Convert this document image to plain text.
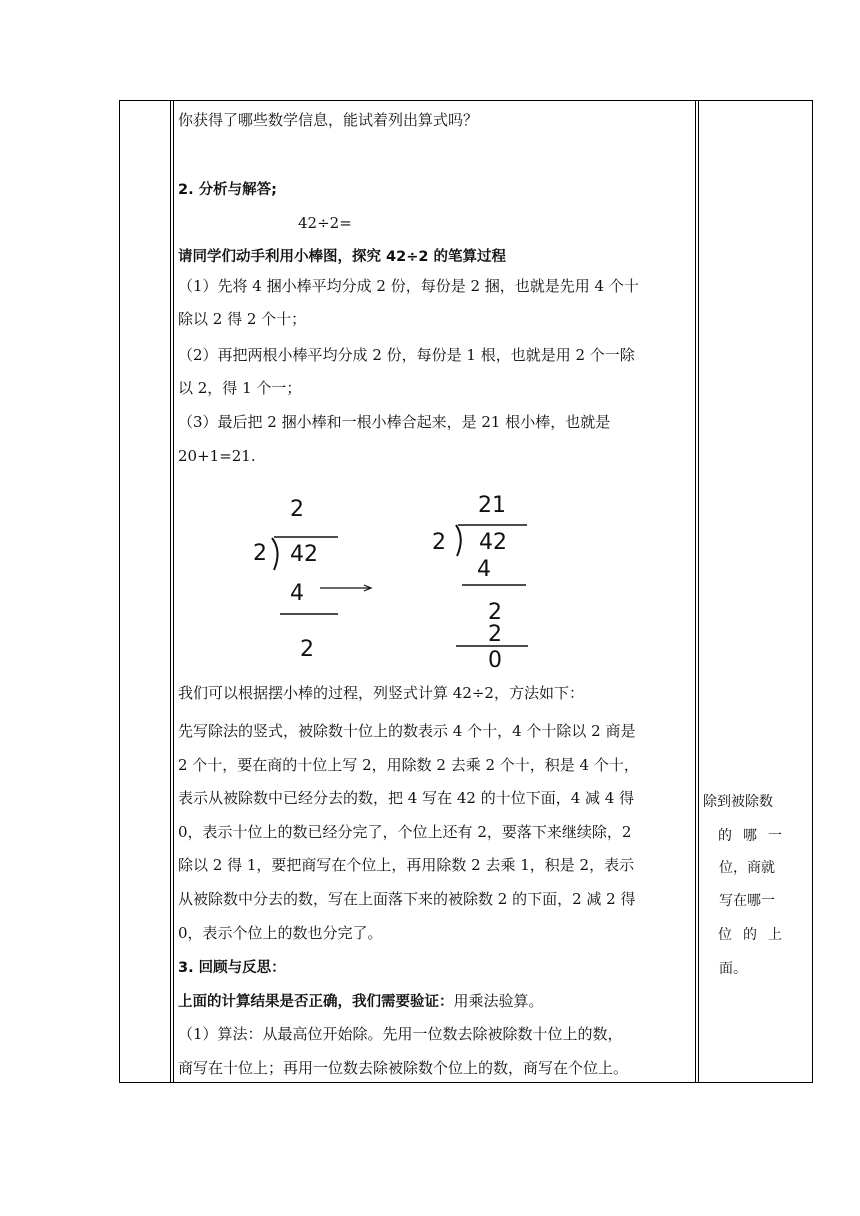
你获得了哪些数学信息，能试着列出算式吗？
2. 分析与解答;
42÷2=
请同学们动手利用小棒图，探究 42÷2 的笔算过程
（1）先将 4 捆小棒平均分成 2 份，每份是 2 捆，也就是先用 4 个十
除以 2 得 2 个十；
（2）再把两根小棒平均分成 2 份，每份是 1 根，也就是用 2 个一除
以 2，得 1 个一；
（3）最后把 2 捆小棒和一根小棒合起来，是 21 根小棒，也就是
20+1=21.
2
2 42
4
2
21
2 42
4
2
2
0
我们可以根据摆小棒的过程，列竖式计算 42÷2，方法如下：
先写除法的竖式，被除数十位上的数表示 4 个十，4 个十除以 2 商是
2 个十，要在商的十位上写 2，用除数 2 去乘 2 个十，积是 4 个十，
表示从被除数中已经分去的数，把 4 写在 42 的十位下面，4 减 4 得
0，表示十位上的数已经分完了，个位上还有 2，要落下来继续除，2
除以 2 得 1，要把商写在个位上，再用除数 2 去乘 1，积是 2，表示
从被除数中分去的数，写在上面落下来的被除数 2 的下面，2 减 2 得
0，表示个位上的数也分完了。
3. 回顾与反思：
上面的计算结果是否正确，我们需要验证：用乘法验算。
（1）算法：从最高位开始除。先用一位数去除被除数十位上的数，
商写在十位上；再用一位数去除被除数个位上的数，商写在个位上。
除到被除数
的 哪 一
位，商就
写在哪一
位 的 上
面。
